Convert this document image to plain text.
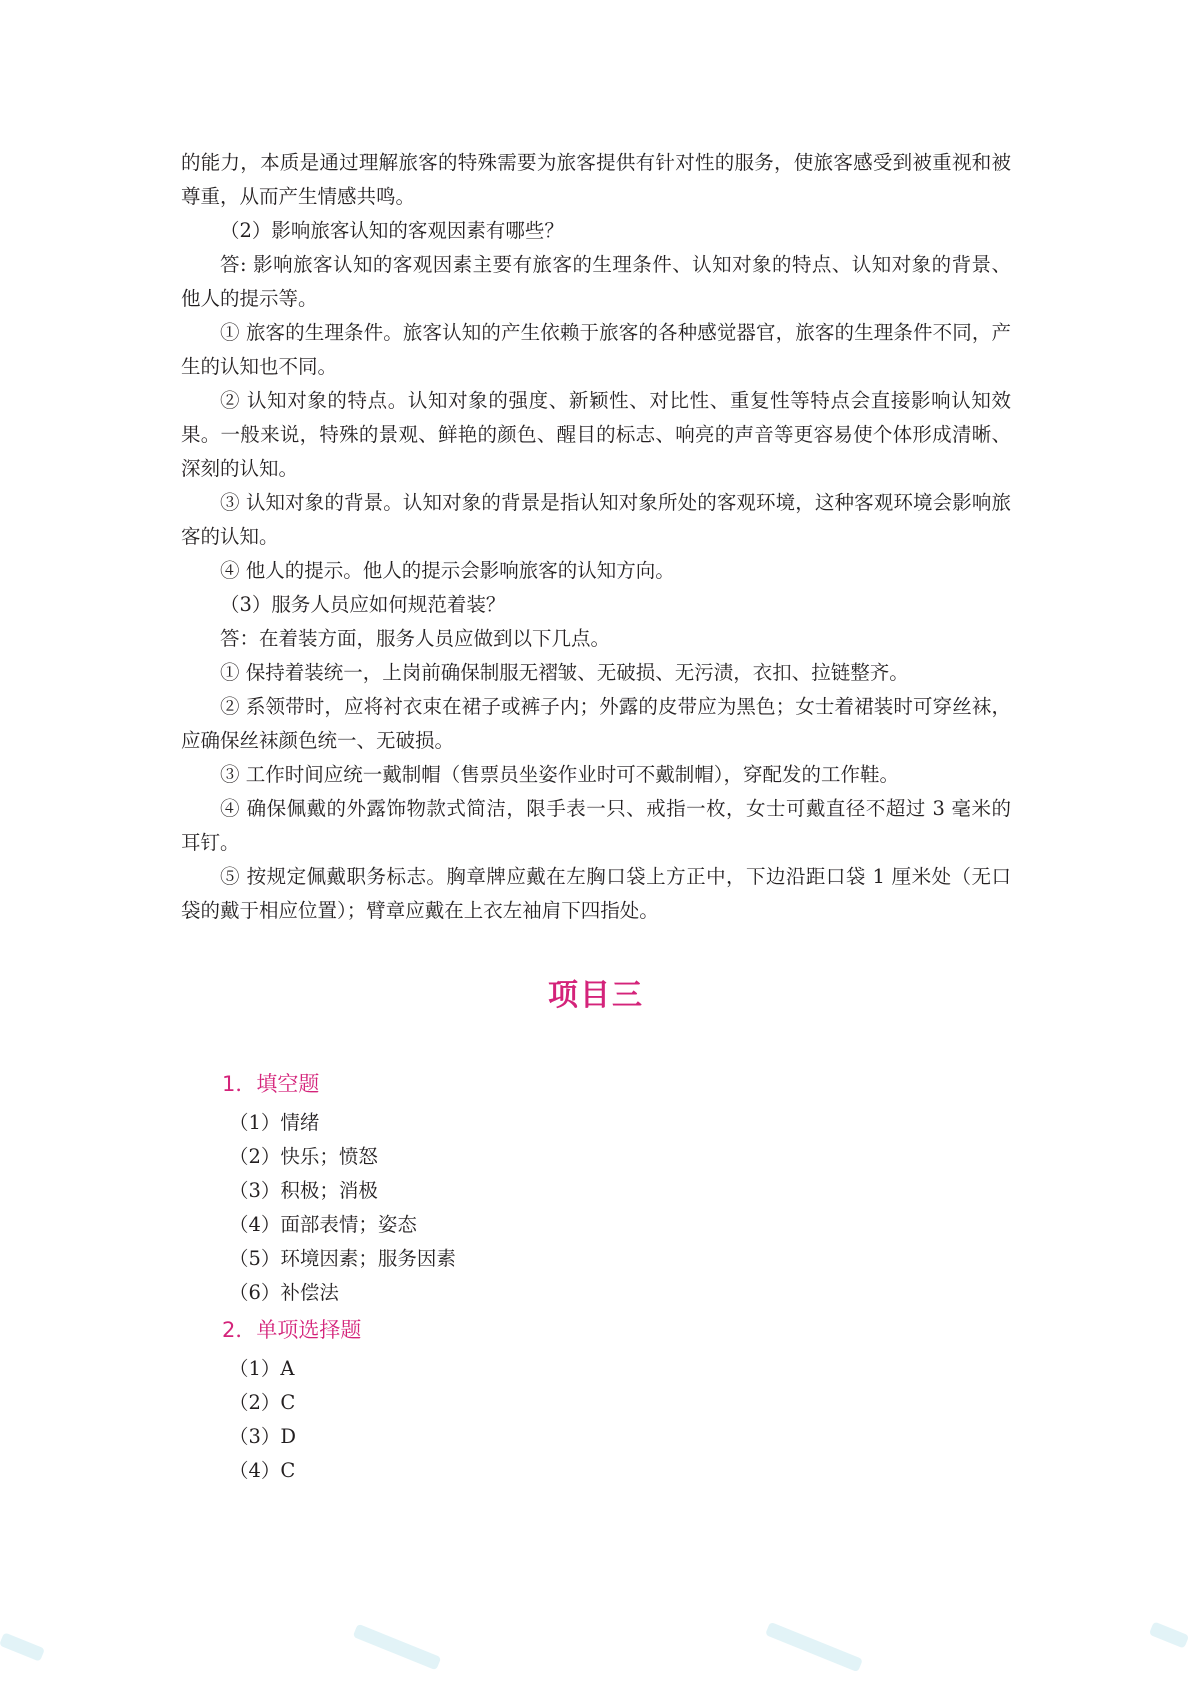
的能力，本质是通过理解旅客的特殊需要为旅客提供有针对性的服务，使旅客感受到被重视和被尊重，从而产生情感共鸣。

（2）影响旅客认知的客观因素有哪些？

答: 影响旅客认知的客观因素主要有旅客的生理条件、认知对象的特点、认知对象的背景、他人的提示等。

① 旅客的生理条件。旅客认知的产生依赖于旅客的各种感觉器官，旅客的生理条件不同，产生的认知也不同。

② 认知对象的特点。认知对象的强度、新颖性、对比性、重复性等特点会直接影响认知效果。一般来说，特殊的景观、鲜艳的颜色、醒目的标志、响亮的声音等更容易使个体形成清晰、深刻的认知。

③ 认知对象的背景。认知对象的背景是指认知对象所处的客观环境，这种客观环境会影响旅客的认知。

④ 他人的提示。他人的提示会影响旅客的认知方向。

（3）服务人员应如何规范着装？

答：在着装方面，服务人员应做到以下几点。

① 保持着装统一，上岗前确保制服无褶皱、无破损、无污渍，衣扣、拉链整齐。

② 系领带时，应将衬衣束在裙子或裤子内；外露的皮带应为黑色；女士着裙装时可穿丝袜，应确保丝袜颜色统一、无破损。

③ 工作时间应统一戴制帽（售票员坐姿作业时可不戴制帽），穿配发的工作鞋。

④ 确保佩戴的外露饰物款式简洁，限手表一只、戒指一枚，女士可戴直径不超过 3 毫米的耳钉。

⑤ 按规定佩戴职务标志。胸章牌应戴在左胸口袋上方正中，下边沿距口袋 1 厘米处（无口袋的戴于相应位置）；臂章应戴在上衣左袖肩下四指处。

项目三
1．填空题
（1）情绪
（2）快乐；愤怒
（3）积极；消极
（4）面部表情；姿态
（5）环境因素；服务因素
（6）补偿法
2．单项选择题
（1）A
（2）C
（3）D
（4）C
